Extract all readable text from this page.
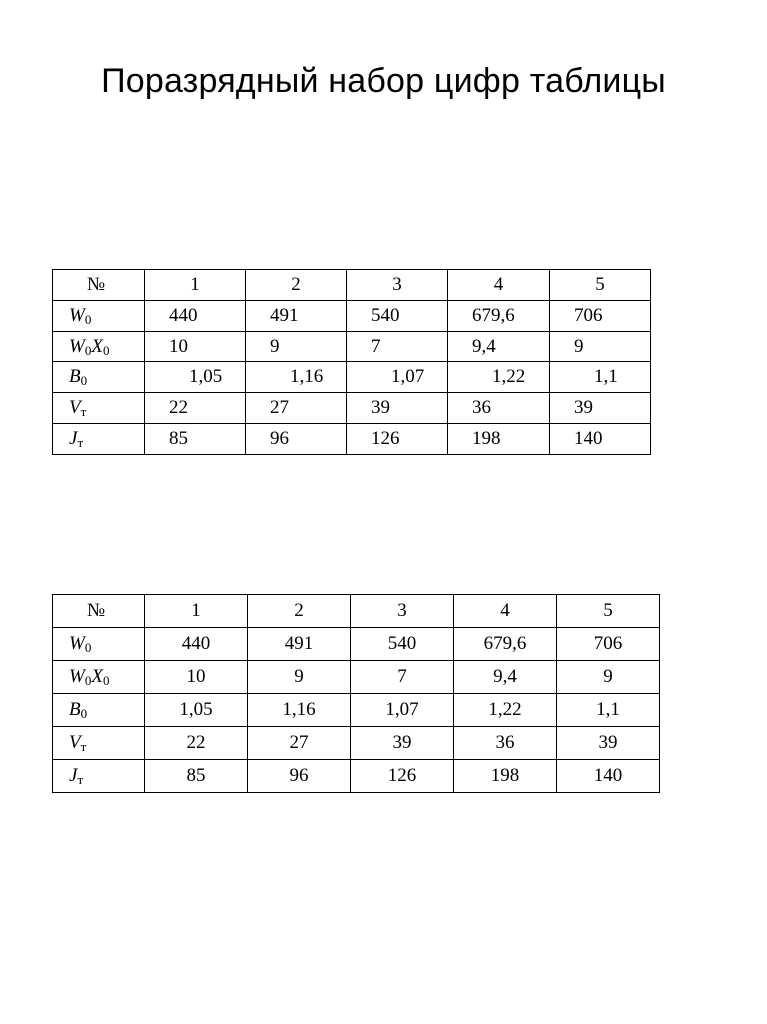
Поразрядный набор цифр таблицы
№	1	2	3	4	5
$W_0$	440	491	540	679,6	706
$W_0X_0$	10	9	7	9,4	9
$B_0$	1,05	1,16	1,07	1,22	1,1
$V_т$	22	27	39	36	39
$J_т$	85	96	126	198	140
№	1	2	3	4	5
$W_0$	440	491	540	679,6	706
$W_0X_0$	10	9	7	9,4	9
$B_0$	1,05	1,16	1,07	1,22	1,1
$V_т$	22	27	39	36	39
$J_т$	85	96	126	198	140
